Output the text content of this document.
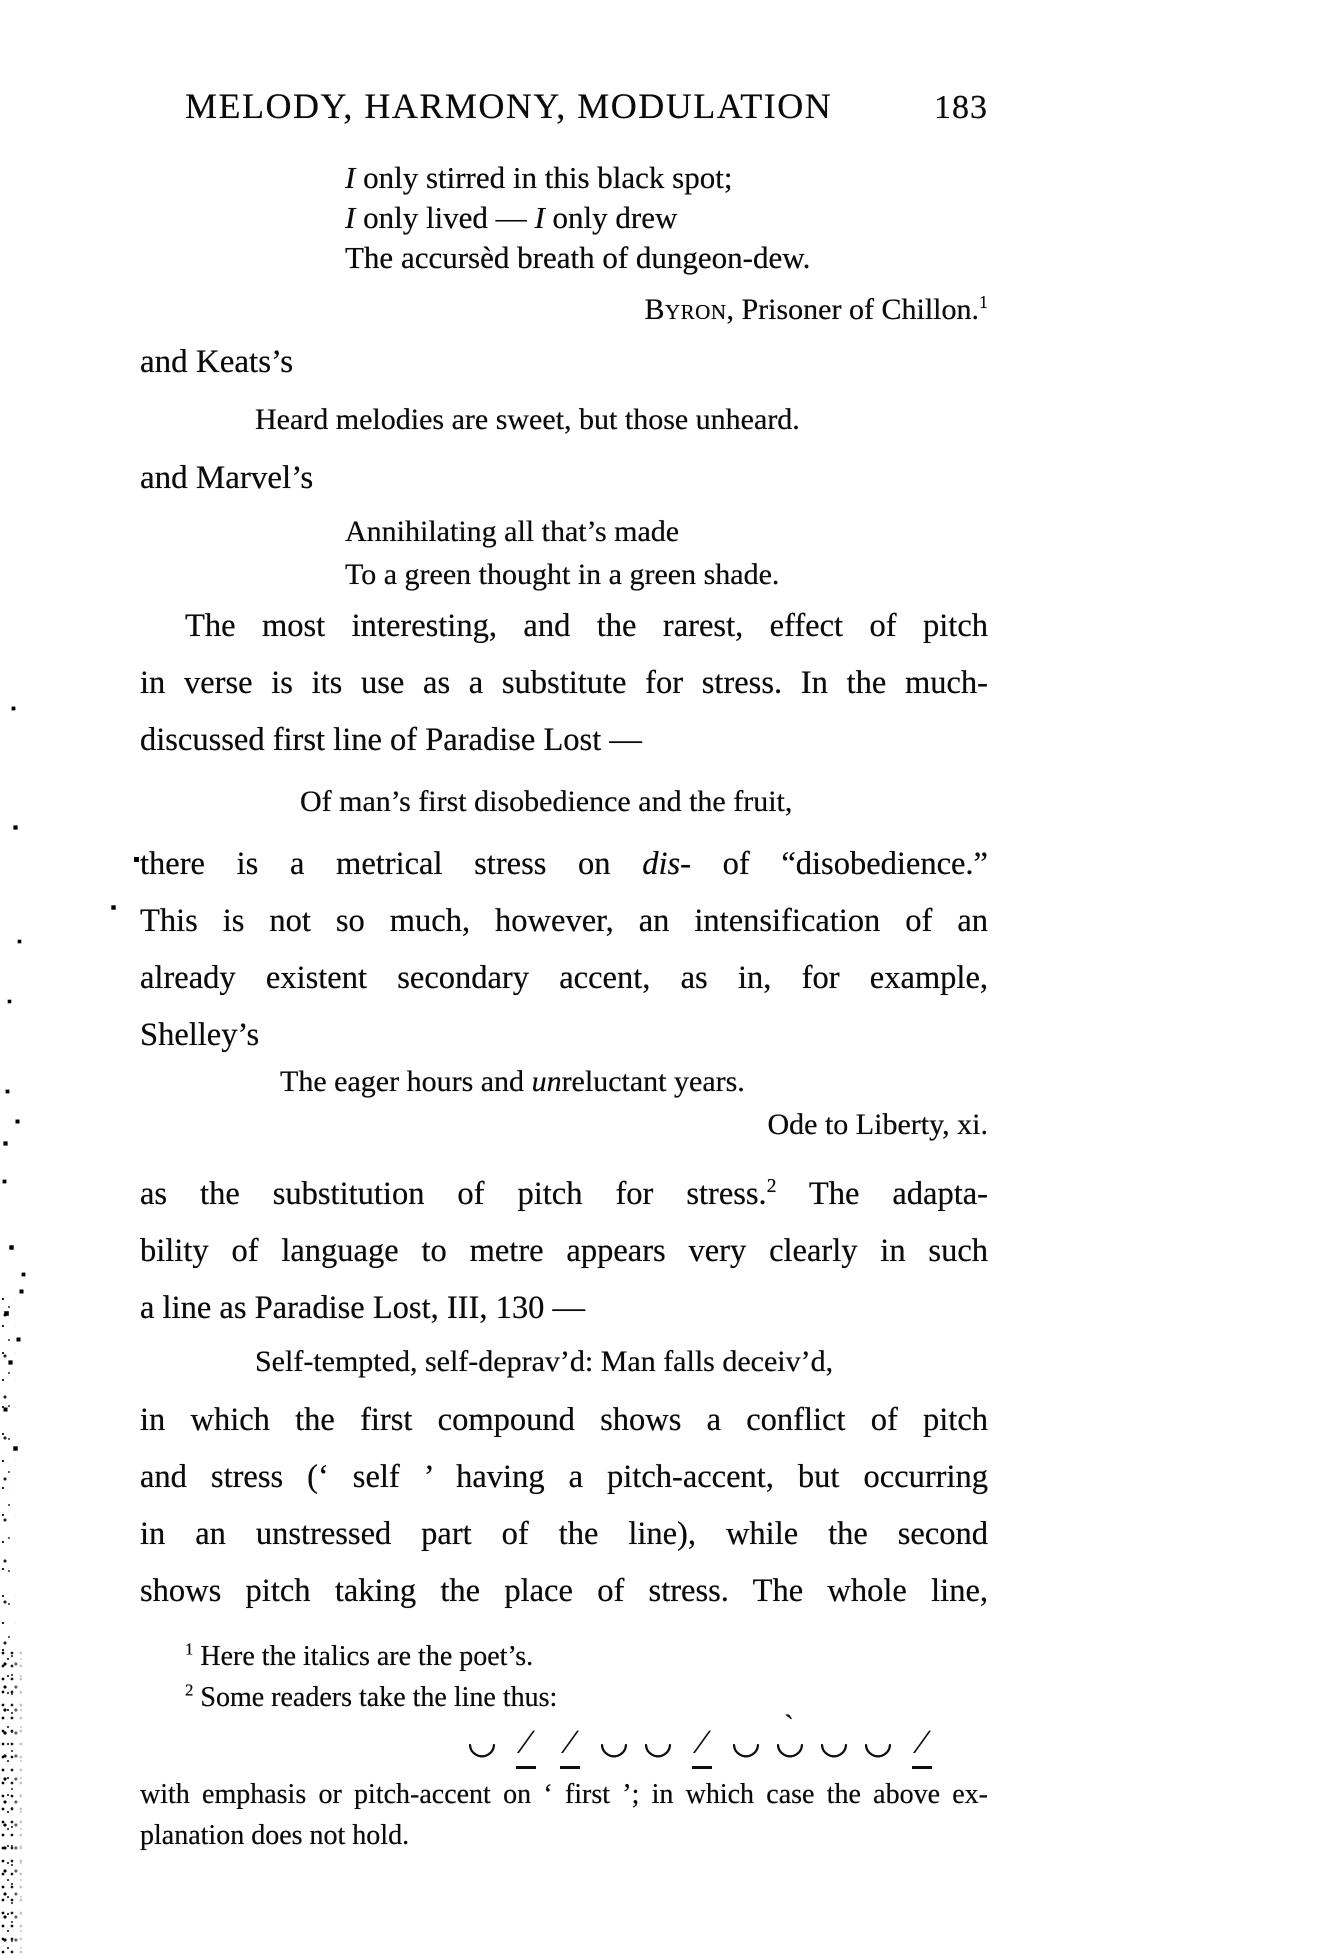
MELODY, HARMONY, MODULATION	183
I only stirred in this black spot;
I only lived — I only drew
The accursèd breath of dungeon-dew.
Byron, Prisoner of Chillon.$^1$
and Keats’s
Heard melodies are sweet, but those unheard.
and Marvel’s
Annihilating all that’s made
To a green thought in a green shade.
The most interesting, and the rarest, effect of pitch
in verse is its use as a substitute for stress. In the much-
discussed first line of Paradise Lost —
Of man’s first disobedience and the fruit,
there is a metrical stress on dis- of “disobedience.”
This is not so much, however, an intensification of an
already existent secondary accent, as in, for example,
Shelley’s
The eager hours and unreluctant years.
Ode to Liberty, xi.
as the substitution of pitch for stress.$^2$ The adapta-
bility of language to metre appears very clearly in such
a line as Paradise Lost, III, 130 —
Self-tempted, self-deprav’d: Man falls deceiv’d,
in which the first compound shows a conflict of pitch
and stress (‘ self ’ having a pitch-accent, but occurring
in an unstressed part of the line), while the second
shows pitch taking the place of stress. The whole line,
$^1$ Here the italics are the poet’s.
$^2$ Some readers take the line thus:
◡ ∕ ∕ ◡ ◡ ∕ ◡ ˋ ◡ ◡ ◡ ∕
with emphasis or pitch-accent on ‘ first ’; in which case the above ex-
planation does not hold.
